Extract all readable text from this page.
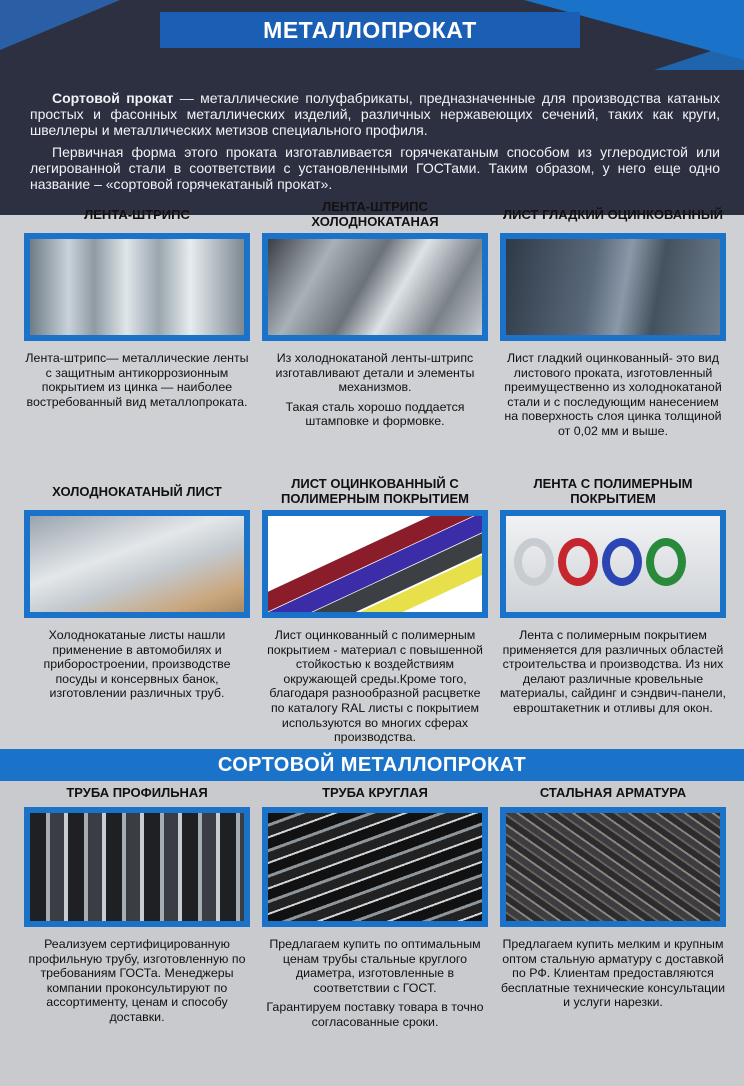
МЕТАЛЛОПРОКАТ

Сортовой прокат — металлические полуфабрикаты, предназначенные для производства катаных простых и фасонных металлических изделий, различных нержавеющих сечений, таких как круги, швеллеры и металлических метизов специального профиля.

Первичная форма этого проката изготавливается горячекатаным способом из углеродистой или легированной стали в соответствии с установленными ГОСТами. Таким образом, у него еще одно название – «сортовой горячекатаный прокат».

ЛЕНТА-ШТРИПС

Лента-штрипс— металлические ленты с защитным антикоррозионным покрытием из цинка — наиболее востребованный вид металлопроката.

ЛЕНТА-ШТРИПС ХОЛОДНОКАТАНАЯ

Из холоднокатаной ленты-штрипс изготавливают детали и элементы механизмов.

Такая сталь хорошо поддается штамповке и формовке.

ЛИСТ ГЛАДКИЙ ОЦИНКОВАННЫЙ

Лист гладкий оцинкованный- это вид листового проката, изготовленный преимущественно из холоднокатаной стали и с последующим нанесением на поверхность слоя цинка толщиной от 0,02 мм и выше.

ХОЛОДНОКАТАНЫЙ ЛИСТ

Холоднокатаные листы нашли применение в автомобилях и приборостроении, производстве посуды и консервных банок, изготовлении различных труб.

ЛИСТ ОЦИНКОВАННЫЙ С ПОЛИМЕРНЫМ ПОКРЫТИЕМ

Лист оцинкованный с полимерным покрытием - материал с повышенной стойкостью к воздействиям окружающей среды.Кроме того, благодаря разнообразной расцветке по каталогу RAL листы с покрытием используются во многих сферах производства.

ЛЕНТА С ПОЛИМЕРНЫМ ПОКРЫТИЕМ

Лента с полимерным покрытием применяется для различных областей строительства и производства. Из них делают различные кровельные материалы, сайдинг и сэндвич-панели, евроштакетник и отливы для окон.

СОРТОВОЙ МЕТАЛЛОПРОКАТ
ТРУБА ПРОФИЛЬНАЯ

Реализуем сертифицированную профильную трубу, изготовленную по требованиям ГОСТа. Менеджеры компании проконсультируют по ассортименту, ценам и способу доставки.

ТРУБА КРУГЛАЯ

Предлагаем купить по оптимальным ценам трубы стальные круглого диаметра, изготовленные в соответствии с ГОСТ.

Гарантируем поставку товара в точно согласованные сроки.

СТАЛЬНАЯ АРМАТУРА

Предлагаем купить мелким и крупным оптом стальную арматуру с доставкой по РФ. Клиентам предоставляются бесплатные технические консультации и услуги нарезки.
